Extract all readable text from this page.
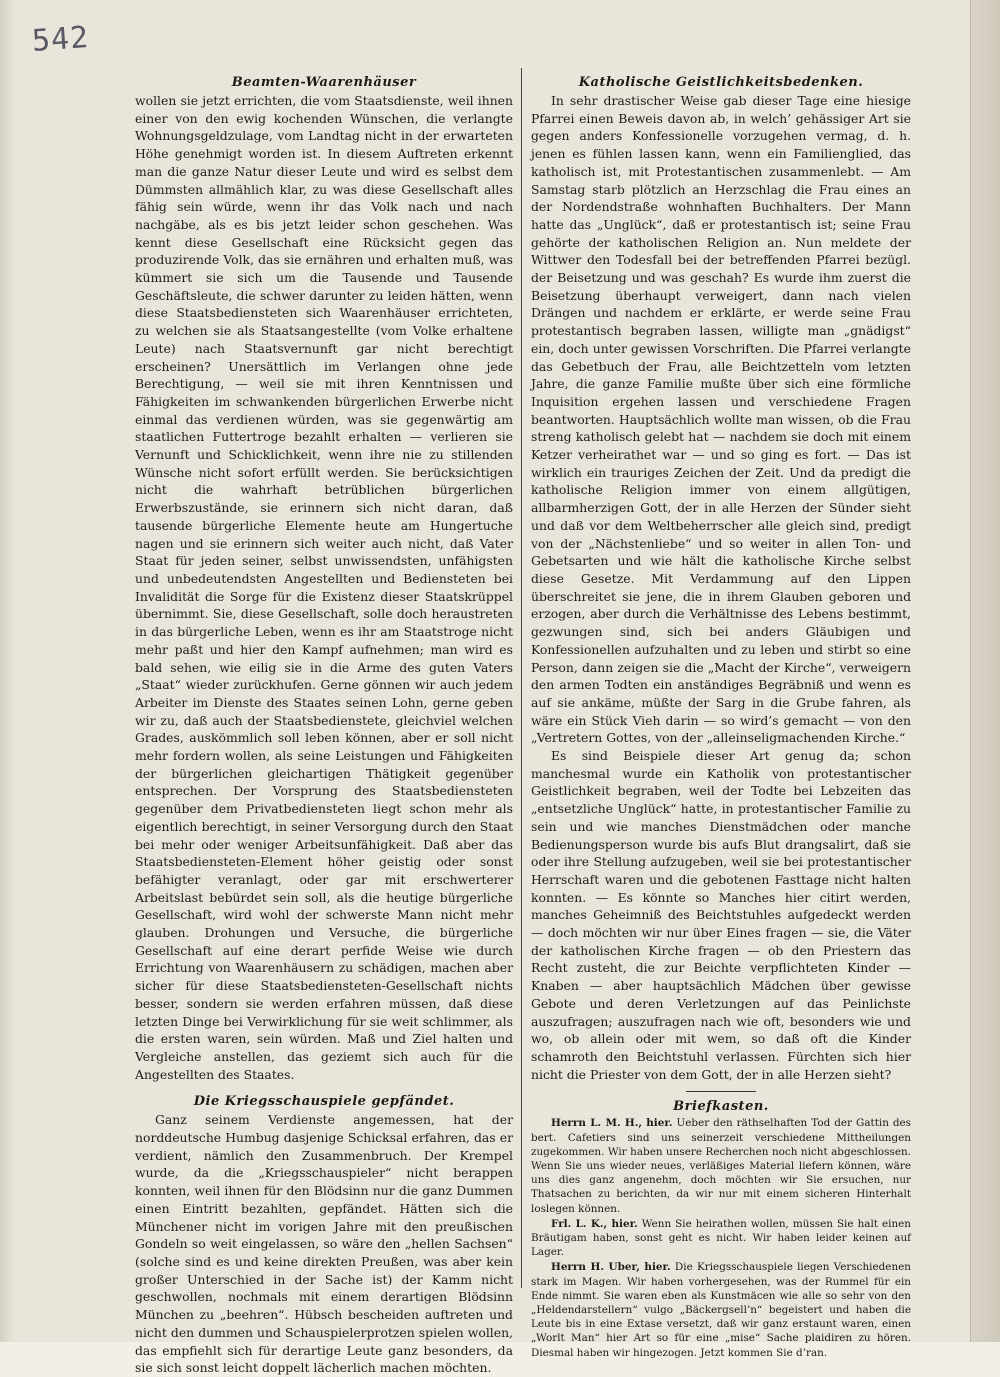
542
Beamten-Waarenhäuser
wollen sie jetzt errichten, die vom Staatsdienste, weil ihnen einer von den ewig kochenden Wünschen, die verlangte Wohnungsgeldzulage, vom Landtag nicht in der erwarteten Höhe genehmigt worden ist. In diesem Auftreten erkennt man die ganze Natur dieser Leute und wird es selbst dem Dümmsten allmählich klar, zu was diese Gesellschaft alles fähig sein würde, wenn ihr das Volk nach und nach nachgäbe, als es bis jetzt leider schon geschehen. Was kennt diese Gesellschaft eine Rücksicht gegen das produzirende Volk, das sie ernähren und erhalten muß, was kümmert sie sich um die Tausende und Tausende Geschäftsleute, die schwer darunter zu leiden hätten, wenn diese Staatsbediensteten sich Waarenhäuser errichteten, zu welchen sie als Staatsangestellte (vom Volke erhaltene Leute) nach Staatsvernunft gar nicht berechtigt erscheinen? Unersättlich im Verlangen ohne jede Berechtigung, — weil sie mit ihren Kenntnissen und Fähigkeiten im schwankenden bürgerlichen Erwerbe nicht einmal das verdienen würden, was sie gegenwärtig am staatlichen Futtertroge bezahlt erhalten — verlieren sie Vernunft und Schicklichkeit, wenn ihre nie zu stillenden Wünsche nicht sofort erfüllt werden. Sie berücksichtigen nicht die wahrhaft betrüblichen bürgerlichen Erwerbszustände, sie erinnern sich nicht daran, daß tausende bürgerliche Elemente heute am Hungertuche nagen und sie erinnern sich weiter auch nicht, daß Vater Staat für jeden seiner, selbst unwissendsten, unfähigsten und unbedeutendsten Angestellten und Bediensteten bei Invalidität die Sorge für die Existenz dieser Staatskrüppel übernimmt. Sie, diese Gesellschaft, solle doch heraustreten in das bürgerliche Leben, wenn es ihr am Staatstroge nicht mehr paßt und hier den Kampf aufnehmen; man wird es bald sehen, wie eilig sie in die Arme des guten Vaters „Staat“ wieder zurückhufen. Gerne gönnen wir auch jedem Arbeiter im Dienste des Staates seinen Lohn, gerne geben wir zu, daß auch der Staatsbedienstete, gleichviel welchen Grades, auskömmlich soll leben können, aber er soll nicht mehr fordern wollen, als seine Leistungen und Fähigkeiten der bürgerlichen gleichartigen Thätigkeit gegenüber entsprechen. Der Vorsprung des Staatsbediensteten gegenüber dem Privatbediensteten liegt schon mehr als eigentlich berechtigt, in seiner Versorgung durch den Staat bei mehr oder weniger Arbeitsunfähigkeit. Daß aber das Staatsbediensteten-Element höher geistig oder sonst befähigter veranlagt, oder gar mit erschwerterer Arbeitslast bebürdet sein soll, als die heutige bürgerliche Gesellschaft, wird wohl der schwerste Mann nicht mehr glauben. Drohungen und Versuche, die bürgerliche Gesellschaft auf eine derart perfide Weise wie durch Errichtung von Waarenhäusern zu schädigen, machen aber sicher für diese Staatsbediensteten-Gesellschaft nichts besser, sondern sie werden erfahren müssen, daß diese letzten Dinge bei Verwirklichung für sie weit schlimmer, als die ersten waren, sein würden. Maß und Ziel halten und Vergleiche anstellen, das geziemt sich auch für die Angestellten des Staates.
Die Kriegsschauspiele gepfändet.
Ganz seinem Verdienste angemessen, hat der norddeutsche Humbug dasjenige Schicksal erfahren, das er verdient, nämlich den Zusammenbruch. Der Krempel wurde, da die „Kriegsschauspieler“ nicht berappen konnten, weil ihnen für den Blödsinn nur die ganz Dummen einen Eintritt bezahlten, gepfändet. Hätten sich die Münchener nicht im vorigen Jahre mit den preußischen Gondeln so weit eingelassen, so wäre den „hellen Sachsen“ (solche sind es und keine direkten Preußen, was aber kein großer Unterschied in der Sache ist) der Kamm nicht geschwollen, nochmals mit einem derartigen Blödsinn München zu „beehren“. Hübsch bescheiden auftreten und nicht den dummen und Schauspielerprotzen spielen wollen, das empfiehlt sich für derartige Leute ganz besonders, da sie sich sonst leicht doppelt lächerlich machen möchten.
Katholische Geistlichkeitsbedenken.
In sehr drastischer Weise gab dieser Tage eine hiesige Pfarrei einen Beweis davon ab, in welch’ gehässiger Art sie gegen anders Konfessionelle vorzugehen vermag, d. h. jenen es fühlen lassen kann, wenn ein Familienglied, das katholisch ist, mit Protestantischen zusammenlebt. — Am Samstag starb plötzlich an Herzschlag die Frau eines an der Nordendstraße wohnhaften Buchhalters. Der Mann hatte das „Unglück“, daß er protestantisch ist; seine Frau gehörte der katholischen Religion an. Nun meldete der Wittwer den Todesfall bei der betreffenden Pfarrei bezügl. der Beisetzung und was geschah? Es wurde ihm zuerst die Beisetzung überhaupt verweigert, dann nach vielen Drängen und nachdem er erklärte, er werde seine Frau protestantisch begraben lassen, willigte man „gnädigst“ ein, doch unter gewissen Vorschriften. Die Pfarrei verlangte das Gebetbuch der Frau, alle Beichtzetteln vom letzten Jahre, die ganze Familie mußte über sich eine förmliche Inquisition ergehen lassen und verschiedene Fragen beantworten. Hauptsächlich wollte man wissen, ob die Frau streng katholisch gelebt hat — nachdem sie doch mit einem Ketzer verheirathet war — und so ging es fort. — Das ist wirklich ein trauriges Zeichen der Zeit. Und da predigt die katholische Religion immer von einem allgütigen, allbarmherzigen Gott, der in alle Herzen der Sünder sieht und daß vor dem Weltbeherrscher alle gleich sind, predigt von der „Nächstenliebe“ und so weiter in allen Ton- und Gebetsarten und wie hält die katholische Kirche selbst diese Gesetze. Mit Verdammung auf den Lippen überschreitet sie jene, die in ihrem Glauben geboren und erzogen, aber durch die Verhältnisse des Lebens bestimmt, gezwungen sind, sich bei anders Gläubigen und Konfessionellen aufzuhalten und zu leben und stirbt so eine Person, dann zeigen sie die „Macht der Kirche“, verweigern den armen Todten ein anständiges Begräbniß und wenn es auf sie ankäme, müßte der Sarg in die Grube fahren, als wäre ein Stück Vieh darin — so wird’s gemacht — von den „Vertretern Gottes, von der „alleinseligmachenden Kirche.“
Es sind Beispiele dieser Art genug da; schon manchesmal wurde ein Katholik von protestantischer Geistlichkeit begraben, weil der Todte bei Lebzeiten das „entsetzliche Unglück“ hatte, in protestantischer Familie zu sein und wie manches Dienstmädchen oder manche Bedienungsperson wurde bis aufs Blut drangsalirt, daß sie oder ihre Stellung aufzugeben, weil sie bei protestantischer Herrschaft waren und die gebotenen Fasttage nicht halten konnten. — Es könnte so Manches hier citirt werden, manches Geheimniß des Beichtstuhles aufgedeckt werden — doch möchten wir nur über Eines fragen — sie, die Väter der katholischen Kirche fragen — ob den Priestern das Recht zusteht, die zur Beichte verpflichteten Kinder — Knaben — aber hauptsächlich Mädchen über gewisse Gebote und deren Verletzungen auf das Peinlichste auszufragen; auszufragen nach wie oft, besonders wie und wo, ob allein oder mit wem, so daß oft die Kinder schamroth den Beichtstuhl verlassen. Fürchten sich hier nicht die Priester von dem Gott, der in alle Herzen sieht?
Briefkasten.

Herrn L. M. H., hier. Ueber den räthselhaften Tod der Gattin des bert. Cafetiers sind uns seinerzeit verschiedene Mittheilungen zugekommen. Wir haben unsere Recherchen noch nicht abgeschlossen. Wenn Sie uns wieder neues, verläßiges Material liefern können, wäre uns dies ganz angenehm, doch möchten wir Sie ersuchen, nur Thatsachen zu berichten, da wir nur mit einem sicheren Hinterhalt loslegen können.

Frl. L. K., hier. Wenn Sie heirathen wollen, müssen Sie halt einen Bräutigam haben, sonst geht es nicht. Wir haben leider keinen auf Lager.

Herrn H. Uber, hier. Die Kriegsschauspiele liegen Verschiedenen stark im Magen. Wir haben vorhergesehen, was der Rummel für ein Ende nimmt. Sie waren eben als Kunstmäcen wie alle so sehr von den „Heldendarstellern“ vulgo „Bäckergsell’n“ begeistert und haben die Leute bis in eine Extase versetzt, daß wir ganz erstaunt waren, einen „Worlt Man“ hier Art so für eine „mise“ Sache plaidiren zu hören. Diesmal haben wir hingezogen. Jetzt kommen Sie d’ran.
